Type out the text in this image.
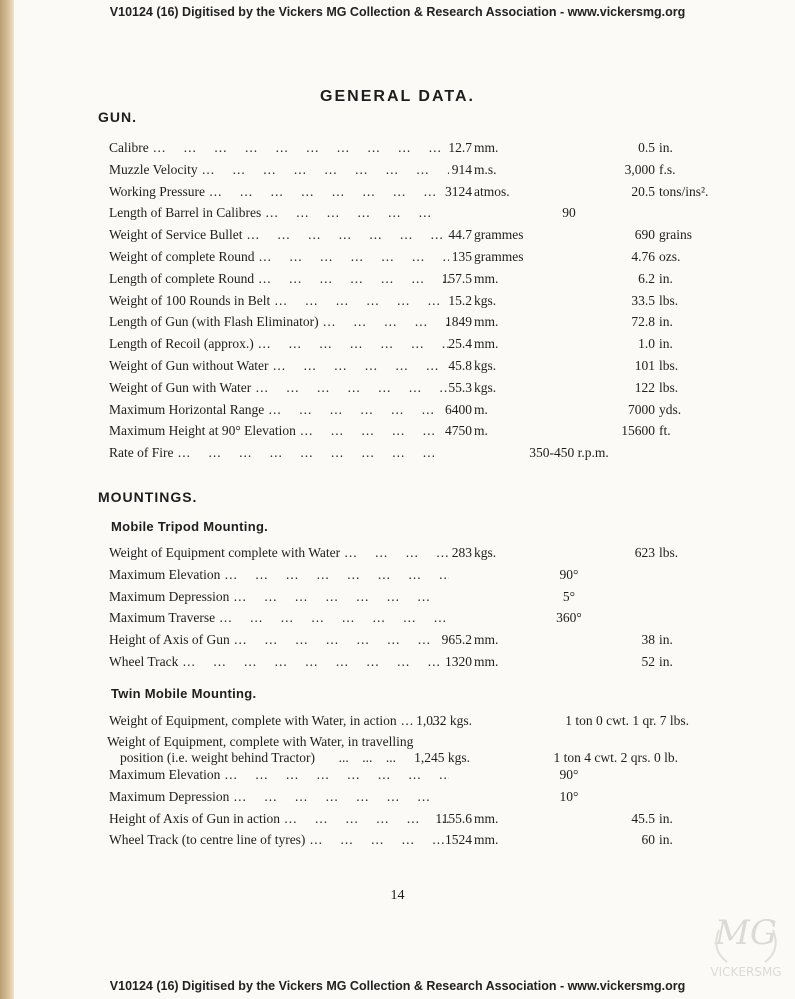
V10124 (16) Digitised by the Vickers MG Collection & Research Association - www.vickersmg.org
GENERAL DATA.
GUN.
Calibre ...	12.7 mm.	0.5 in.
Muzzle Velocity ...	914 m.s.	3,000 f.s.
Working Pressure ...	3124 atmos.	20.5 tons/ins².
Length of Barrel in Calibres ...	90
Weight of Service Bullet ...	44.7 grammes	690 grains
Weight of complete Round ...	135 grammes	4.76 ozs.
Length of complete Round ...	157.5 mm.	6.2 in.
Weight of 100 Rounds in Belt ...	15.2 kgs.	33.5 lbs.
Length of Gun (with Flash Eliminator) ...	1849 mm.	72.8 in.
Length of Recoil (approx.) ...	25.4 mm.	1.0 in.
Weight of Gun without Water ...	45.8 kgs.	101 lbs.
Weight of Gun with Water ...	55.3 kgs.	122 lbs.
Maximum Horizontal Range ...	6400 m.	7000 yds.
Maximum Height at 90° Elevation ...	4750 m.	15600 ft.
Rate of Fire ...	350-450 r.p.m.
MOUNTINGS.
Mobile Tripod Mounting.
Weight of Equipment complete with Water ...	283 kgs.	623 lbs.
Maximum Elevation ...	90°
Maximum Depression ...	5°
Maximum Traverse ...	360°
Height of Axis of Gun ...	965.2 mm.	38 in.
Wheel Track ...	1320 mm.	52 in.
Twin Mobile Mounting.
Weight of Equipment, complete with Water, in action ...	1,032 kgs.	1 ton 0 cwt. 1 qr. 7 lbs.
Weight of Equipment, complete with Water, in travelling
position (i.e. weight behind Tractor) ...	1,245 kgs.	1 ton 4 cwt. 2 qrs. 0 lb.
Maximum Elevation ...	90°
Maximum Depression ...	10°
Height of Axis of Gun in action ...	1155.6 mm.	45.5 in.
Wheel Track (to centre line of tyres) ...	1524 mm.	60 in.
14
MG
VICKERSMG
V10124 (16) Digitised by the Vickers MG Collection & Research Association - www.vickersmg.org
